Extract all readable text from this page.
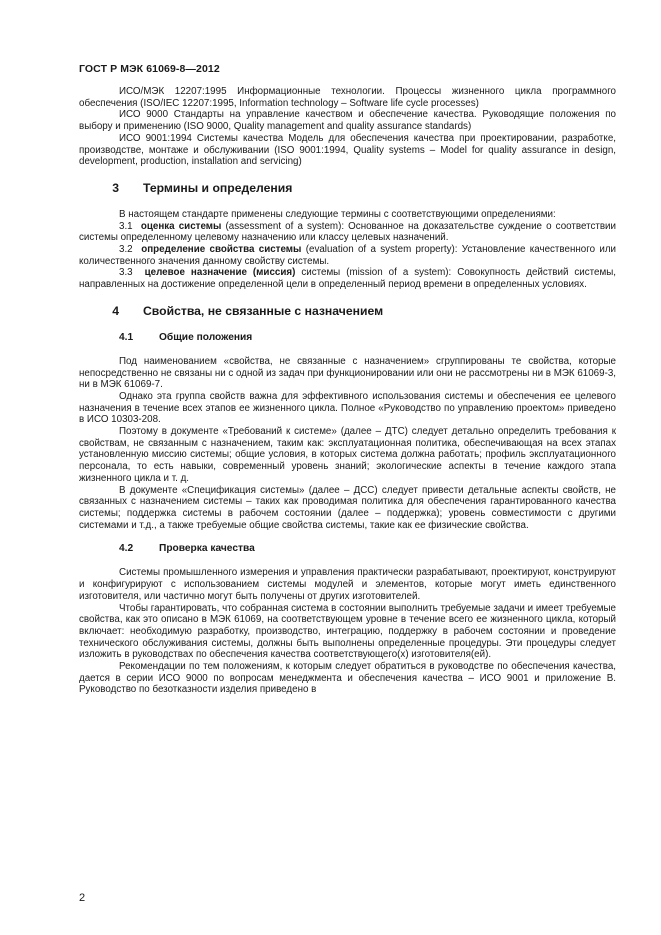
ГОСТ Р МЭК 61069-8—2012

ИСО/МЭК 12207:1995 Информационные технологии. Процессы жизненного цикла программного обеспечения (ISO/IEC 12207:1995, Information technology – Software life cycle processes)

ИСО 9000 Стандарты на управление качеством и обеспечение качества. Руководящие положения по выбору и применению (ISO 9000, Quality management and quality assurance standards)

ИСО 9001:1994 Системы качества Модель для обеспечения качества при проектировании, разработке, производстве, монтаже и обслуживании (ISO 9001:1994, Quality systems – Model for quality assurance in design, development, production, installation and servicing)

3 Термины и определения

В настоящем стандарте применены следующие термины с соответствующими определениями:

3.1 оценка системы (assessment of a system): Основанное на доказательстве суждение о соответствии системы определенному целевому назначению или классу целевых назначений.

3.2 определение свойства системы (evaluation of a system property): Установление качественного или количественного значения данному свойству системы.

3.3 целевое назначение (миссия) системы (mission of a system): Совокупность действий системы, направленных на достижение определенной цели в определенный период времени в определенных условиях.

4 Свойства, не связанные с назначением
4.1	Общие положения

Под наименованием «свойства, не связанные с назначением» сгруппированы те свойства, которые непосредственно не связаны ни с одной из задач при функционировании или они не рассмотрены ни в МЭК 61069-3, ни в МЭК 61069-7.

Однако эта группа свойств важна для эффективного использования системы и обеспечения ее целевого назначения в течение всех этапов ее жизненного цикла. Полное «Руководство по управлению проектом» приведено в ИСО 10303-208.

Поэтому в документе «Требований к системе» (далее – ДТС) следует детально определить требования к свойствам, не связанным с назначением, таким как: эксплуатационная политика, обеспечивающая на всех этапах установленную миссию системы; общие условия, в которых система должна работать; профиль эксплуатационного персонала, то есть навыки, современный уровень знаний; экологические аспекты в течение каждого этапа жизненного цикла и т. д.

В документе «Спецификация системы» (далее – ДСС) следует привести детальные аспекты свойств, не связанных с назначением системы – таких как проводимая политика для обеспечения гарантированного качества системы; поддержка системы в рабочем состоянии (далее – поддержка); уровень совместимости с другими системами и т.д., а также требуемые общие свойства системы, такие как ее физические свойства.

4.2	Проверка качества

Системы промышленного измерения и управления практически разрабатывают, проектируют, конструируют и конфигурируют с использованием системы модулей и элементов, которые могут иметь единственного изготовителя, или частично могут быть получены от других изготовителей.

Чтобы гарантировать, что собранная система в состоянии выполнить требуемые задачи и имеет требуемые свойства, как это описано в МЭК 61069, на соответствующем уровне в течение всего ее жизненного цикла, который включает: необходимую разработку, производство, интеграцию, поддержку в рабочем состоянии и проведение технического обслуживания системы, должны быть выполнены определенные процедуры. Эти процедуры следует изложить в руководствах по обеспечения качества соответствующего(х) изготовителя(ей).

Рекомендации по тем положениям, к которым следует обратиться в руководстве по обеспечения качества, дается в серии ИСО 9000 по вопросам менеджмента и обеспечения качества – ИСО 9001 и приложение В. Руководство по безотказности изделия приведено в

2
